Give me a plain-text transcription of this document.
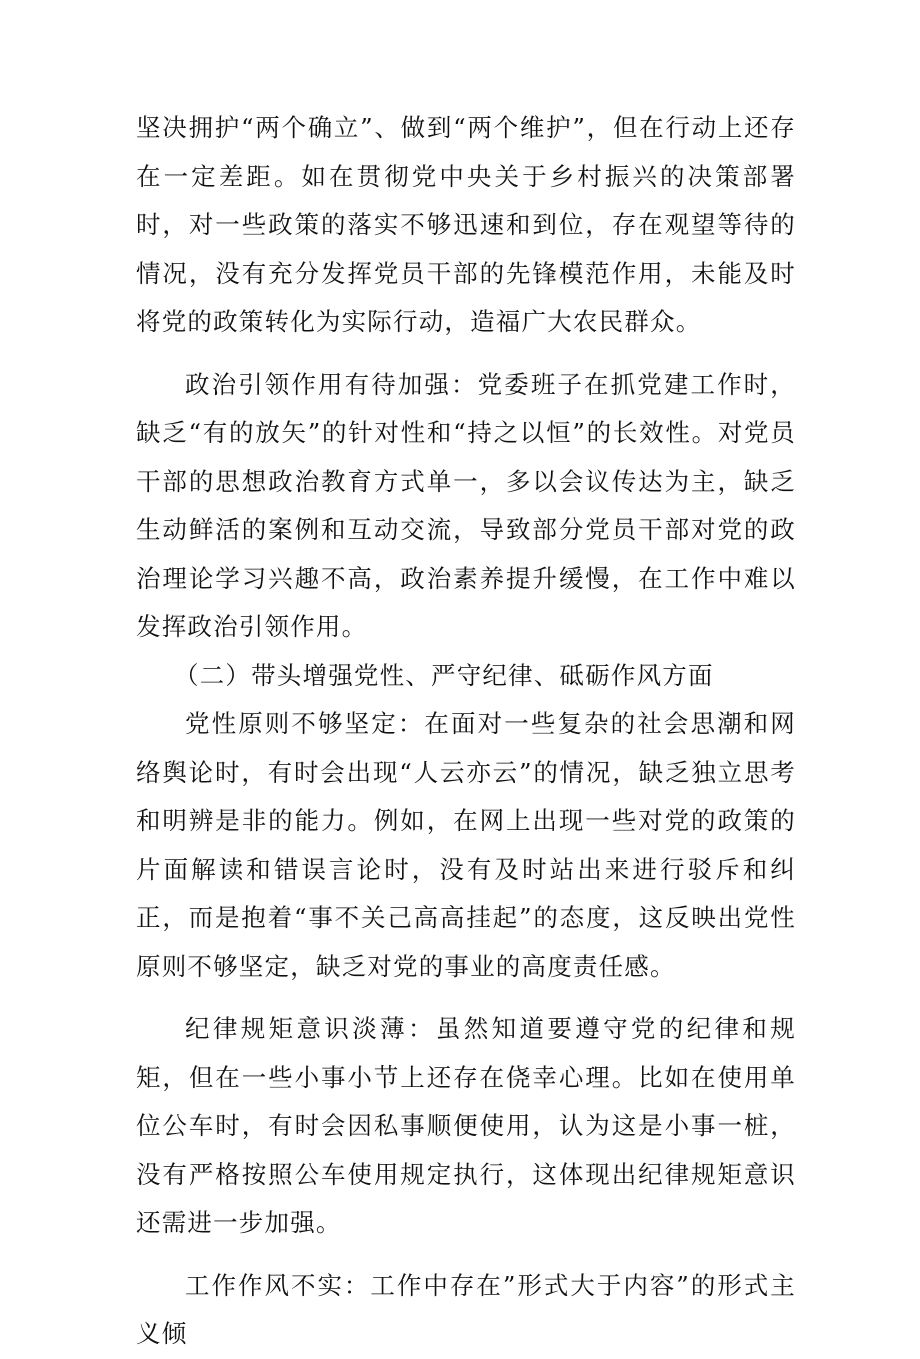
坚决拥护“两个确立”、做到“两个维护”，但在行动上还存在一定差距。如在贯彻党中央关于乡村振兴的决策部署时，对一些政策的落实不够迅速和到位，存在观望等待的情况，没有充分发挥党员干部的先锋模范作用，未能及时将党的政策转化为实际行动，造福广大农民群众。

政治引领作用有待加强：党委班子在抓党建工作时，缺乏“有的放矢”的针对性和“持之以恒”的长效性。对党员干部的思想政治教育方式单一，多以会议传达为主，缺乏生动鲜活的案例和互动交流，导致部分党员干部对党的政治理论学习兴趣不高，政治素养提升缓慢，在工作中难以发挥政治引领作用。

（二）带头增强党性、严守纪律、砥砺作风方面

党性原则不够坚定：在面对一些复杂的社会思潮和网络舆论时，有时会出现“人云亦云”的情况，缺乏独立思考和明辨是非的能力。例如，在网上出现一些对党的政策的片面解读和错误言论时，没有及时站出来进行驳斥和纠正，而是抱着“事不关己高高挂起”的态度，这反映出党性原则不够坚定，缺乏对党的事业的高度责任感。

纪律规矩意识淡薄：虽然知道要遵守党的纪律和规矩，但在一些小事小节上还存在侥幸心理。比如在使用单位公车时，有时会因私事顺便使用，认为这是小事一桩，没有严格按照公车使用规定执行，这体现出纪律规矩意识还需进一步加强。

工作作风不实：工作中存在”形式大于内容”的形式主义倾
